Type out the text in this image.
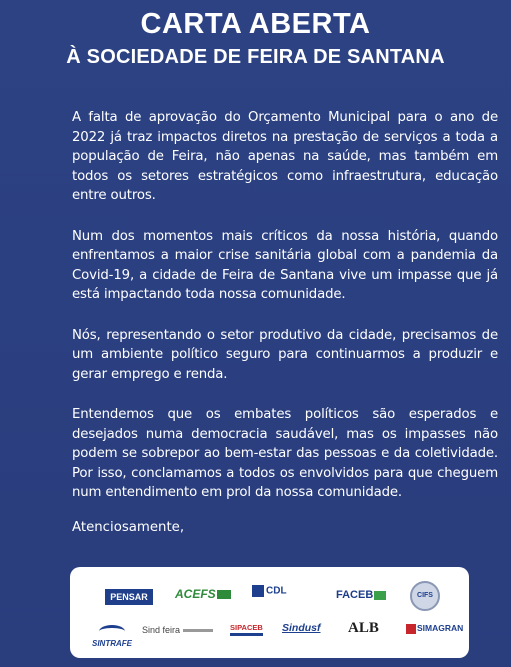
CARTA ABERTA
À SOCIEDADE DE FEIRA DE SANTANA

A falta de aprovação do Orçamento Municipal para o ano de 2022 já traz impactos diretos na prestação de serviços a toda a população de Feira, não apenas na saúde, mas também em todos os setores estratégicos como infraestrutura, educação entre outros.

Num dos momentos mais críticos da nossa história, quando enfrentamos a maior crise sanitária global com a pandemia da Covid-19, a cidade de Feira de Santana vive um impasse que já está impactando toda nossa comunidade.

Nós, representando o setor produtivo da cidade, precisamos de um ambiente político seguro para continuarmos a produzir e gerar emprego e renda.

Entendemos que os embates políticos são esperados e desejados numa democracia saudável, mas os impasses não podem se sobrepor ao bem-estar das pessoas e da coletividade. Por isso, conclamamos a todos os envolvidos para que cheguem num entendimento em prol da nossa comunidade.

Atenciosamente,
PENSAR	ACEFS	CDL	FACEB	CIFS
SINTRAFE
Sind feira	SIPACEB Sindusf ALB	SIMAGRAN
